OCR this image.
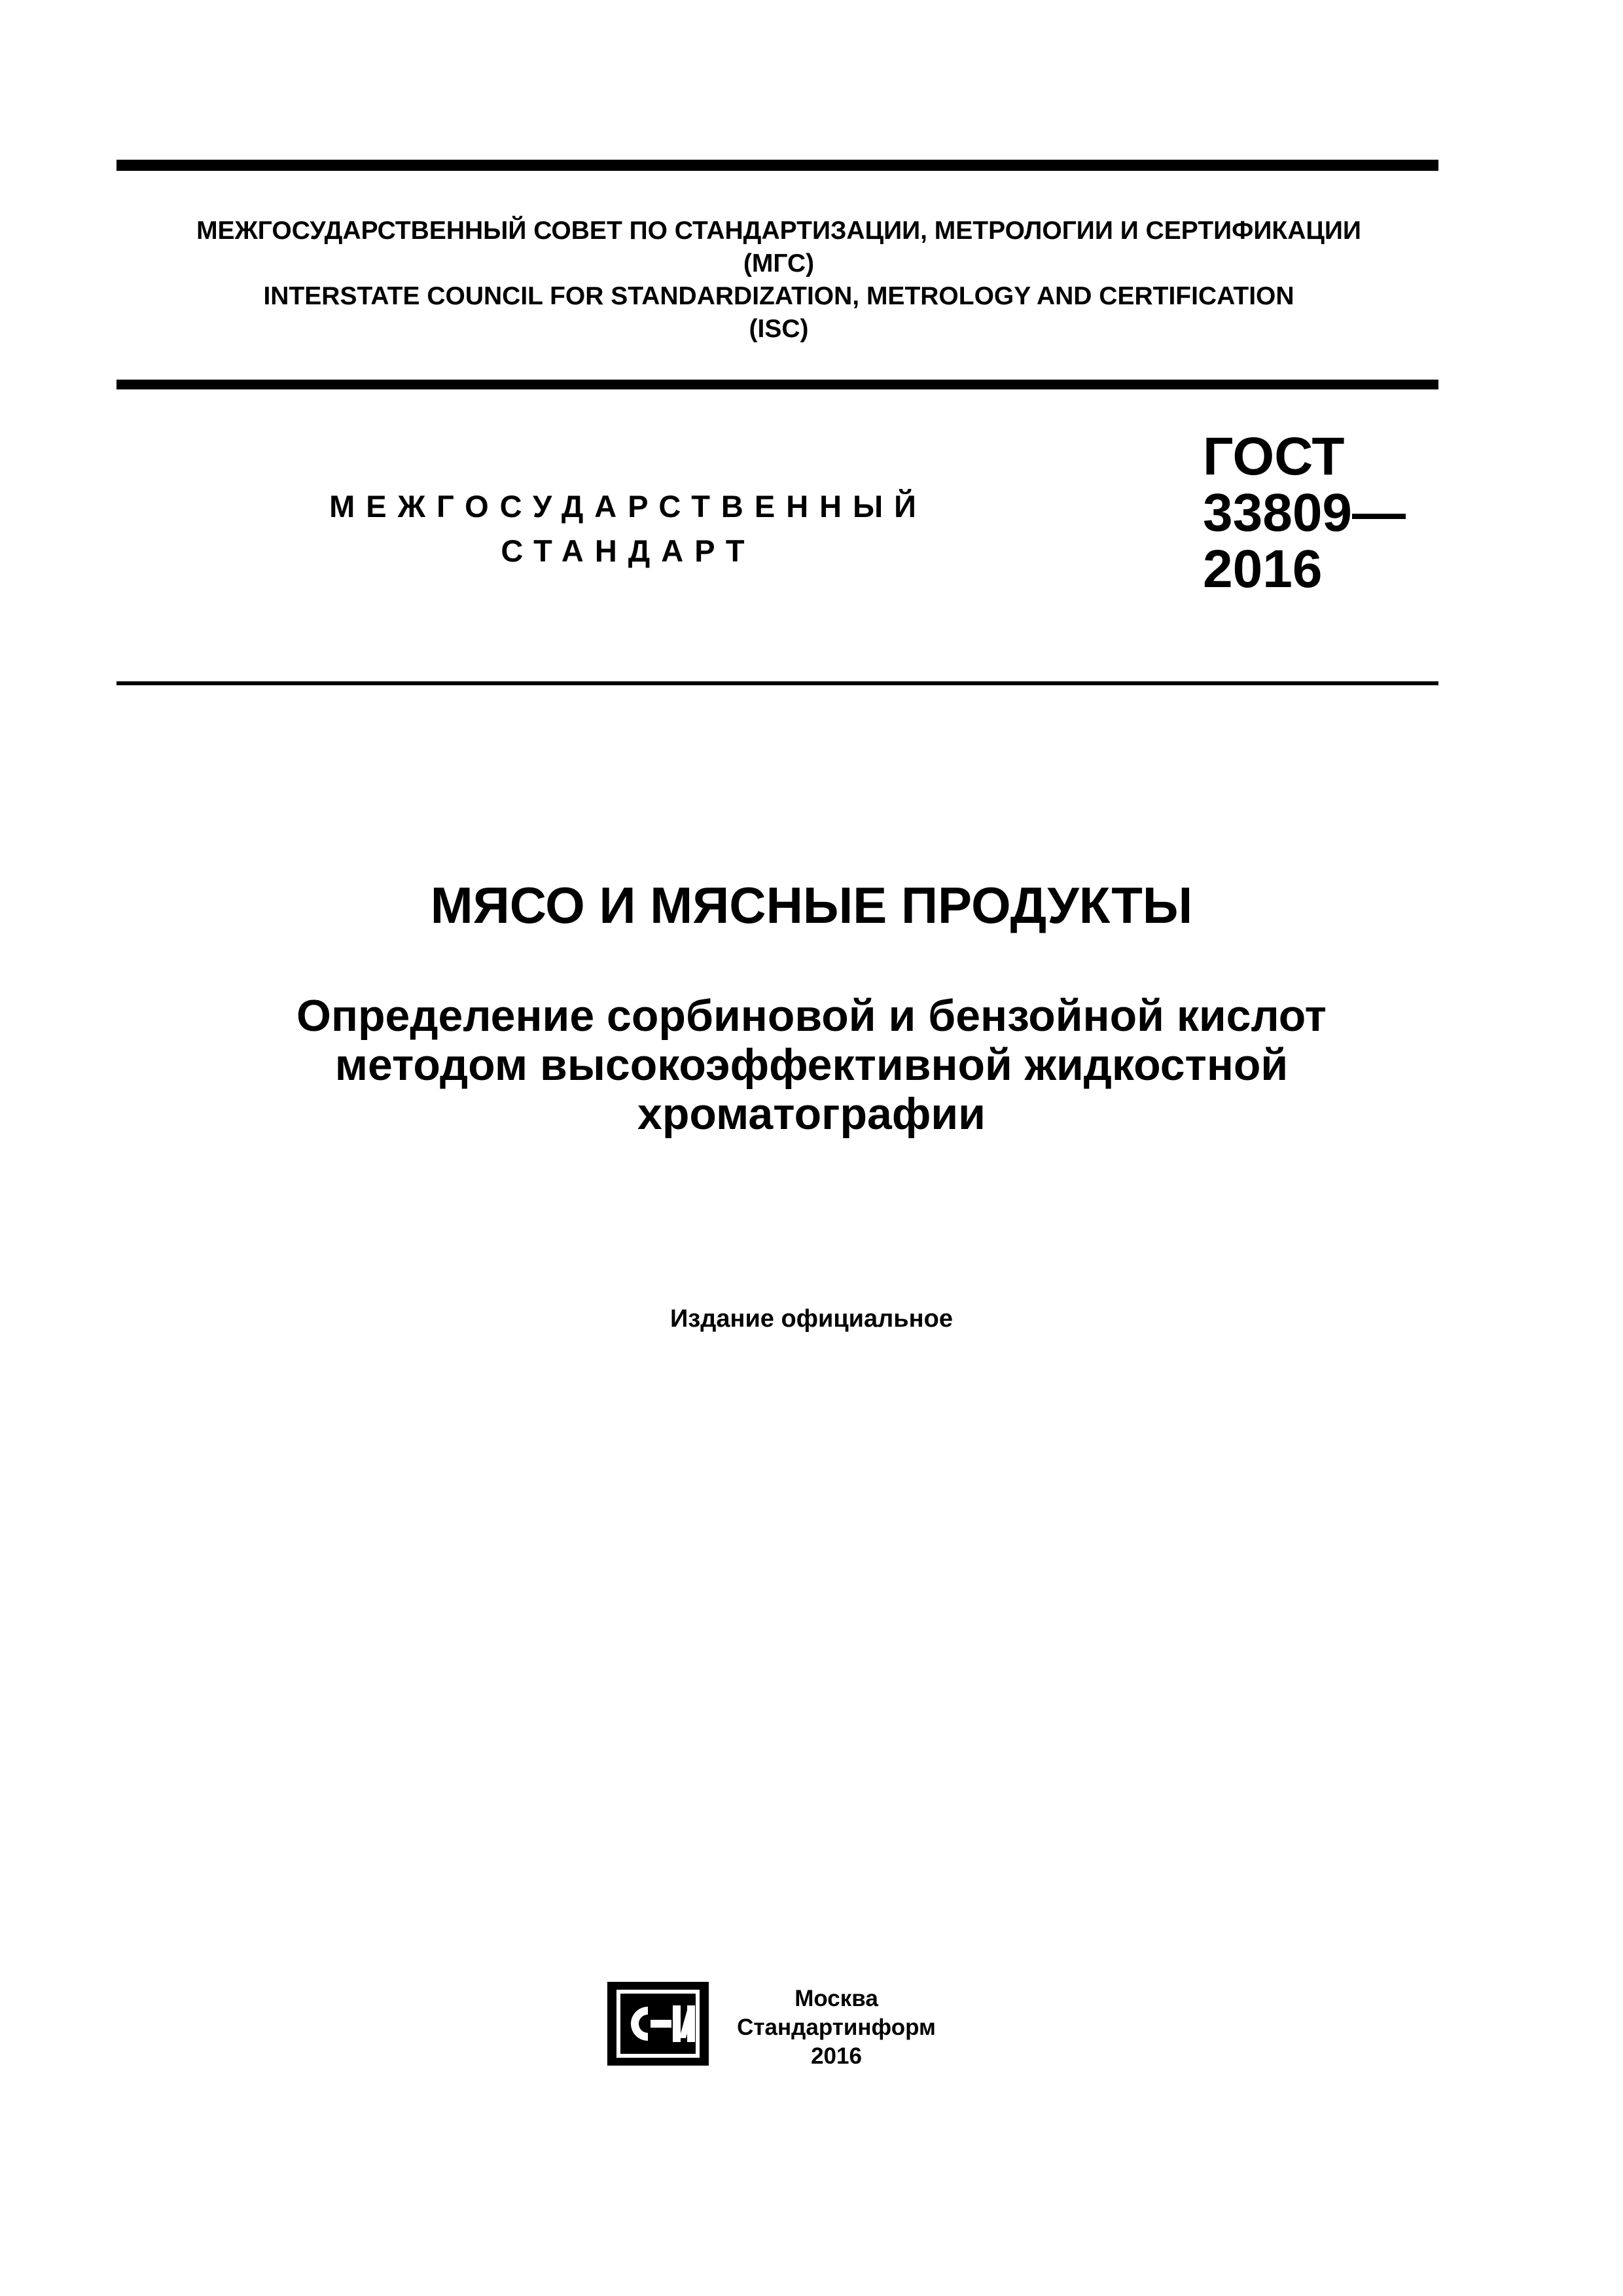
МЕЖГОСУДАРСТВЕННЫЙ СОВЕТ ПО СТАНДАРТИЗАЦИИ, МЕТРОЛОГИИ И СЕРТИФИКАЦИИ
(МГС)
INTERSTATE COUNCIL FOR STANDARDIZATION, METROLOGY AND CERTIFICATION
(ISC)
МЕЖГОСУДАРСТВЕННЫЙ
СТАНДАРТ
ГОСТ
33809—
2016
МЯСО И МЯСНЫЕ ПРОДУКТЫ
Определение сорбиновой и бензойной кислот
методом высокоэффективной жидкостной
хроматографии
Издание официальное
Москва
Стандартинформ
2016
